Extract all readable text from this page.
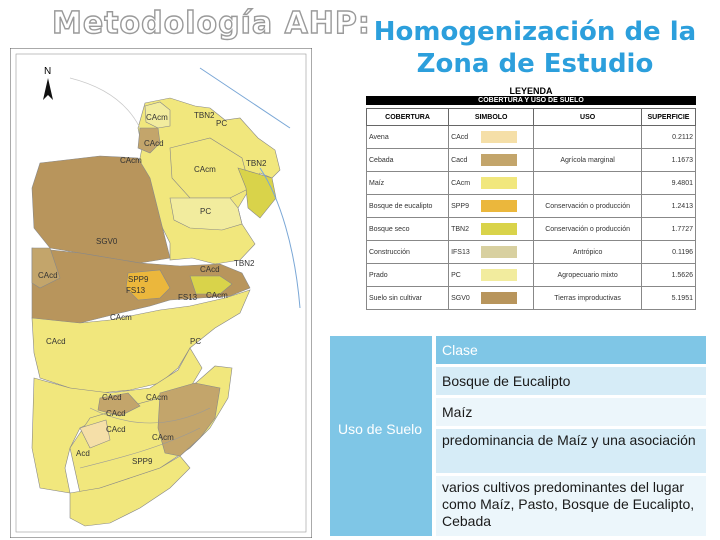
Metodología AHP: Homogenización de la
Zona de Estudio
N
TBN2
CAcm
PC
CAcd
CAcm
CAcm
TBN2
PC
SGV0
TBN2
CAcd
CAcd	SPP9
FS13
FS13 CAcm
CAcm
PC
CAcd
CAcm
CAcd
CAcd
SPP9
Acd
CAcm
CAcd
LEYENDA
COBERTURA Y USO DE SUELO
COBERTURA	SIMBOLO	USO	SUPERFICIE
Avena	CAcd		0.2112
Cebada	Cacd	Agrícola marginal	1.1673
Maíz	CAcm		9.4801
Bosque de eucalipto	SPP9	Conservación o producción	1.2413
Bosque seco	TBN2	Conservación o producción	1.7727
Construcción	IFS13	Antrópico	0.1196
Prado	PC	Agropecuario mixto	1.5626
Suelo sin cultivar	SGV0	Tierras improductivas	5.1951
Uso de Suelo
Clase
Bosque de Eucalipto
Maíz
predominancia de Maíz y una asociación
varios cultivos predominantes del lugar como Maíz, Pasto, Bosque de Eucalipto, Cebada
